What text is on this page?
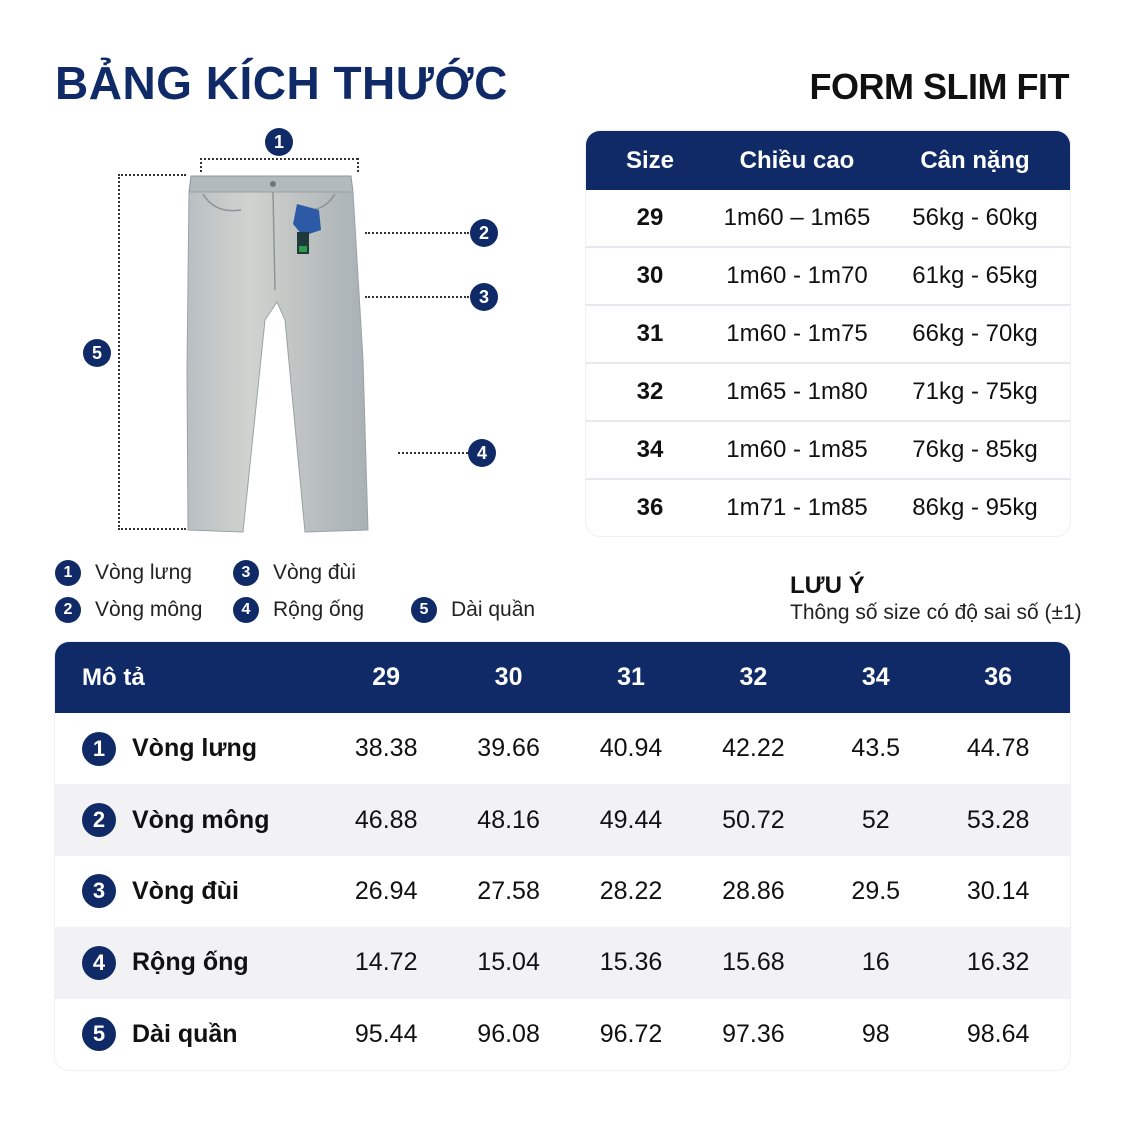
BẢNG KÍCH THƯỚC	FORM SLIM FIT
1
5
2
3
4
Size	Chiều cao	Cân nặng
29	1m60 – 1m65	56kg - 60kg
30	1m60 - 1m70	61kg - 65kg
31	1m60 - 1m75	66kg - 70kg
32	1m65 - 1m80	71kg - 75kg
34	1m60 - 1m85	76kg - 85kg
36	1m71 - 1m85	86kg - 95kg
1	Vòng lưng	3	Vòng đùi
2	Vòng mông	4	Rộng ống	5	Dài quần
LƯU Ý

Thông số size có độ sai số (±1)

Mô tả	29	30	31	32	34	36
1	Vòng lưng	38.38	39.66	40.94	42.22	43.5	44.78
2	Vòng mông	46.88	48.16	49.44	50.72	52	53.28
3	Vòng đùi	26.94	27.58	28.22	28.86	29.5	30.14
4	Rộng ống	14.72	15.04	15.36	15.68	16	16.32
5	Dài quần	95.44	96.08	96.72	97.36	98	98.64
